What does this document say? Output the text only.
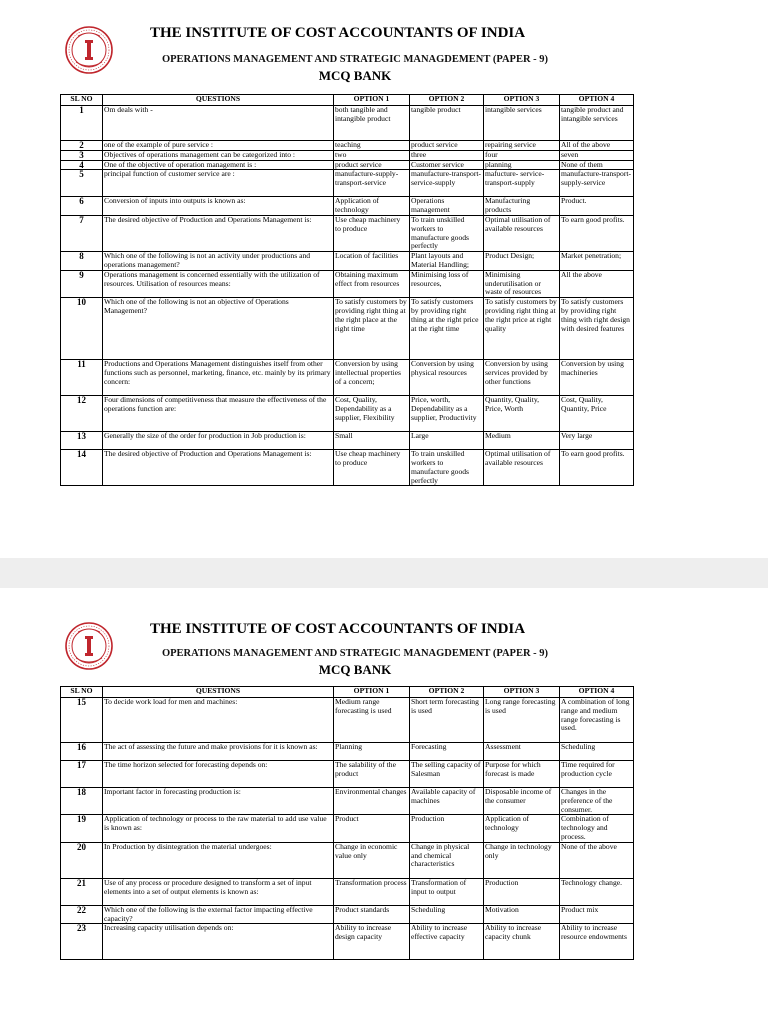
THE INSTITUTE OF COST ACCOUNTANTS OF INDIA
OPERATIONS MANAGEMENT AND STRATEGIC MANAGDEMENT (PAPER - 9)
MCQ BANK
SL NO	QUESTIONS	OPTION 1	OPTION 2	OPTION 3	OPTION 4
1	Om deals with -	both tangible and intangible product	tangible product	intangible services	tangible product and intangible services
2	one of the example of pure service :	teaching	product service	repairing service	All of the above
3	Objectives of operations management can be categorized into :	two	three	four	seven
4	One of the objective of operation management is :	product service	Customer service	planning	None of them
5	principal function of customer service are :	manufacture-supply-transport-service	manufacture-transport-service-supply	mafucture- service-transport-supply	manufacture-transport-supply-service
6	Conversion of inputs into outputs is known as:	Application of technology	Operations management	Manufacturing products	Product.
7	The desired objective of Production and Operations Management is:	Use cheap machinery to produce	To train unskilled workers to manufacture goods perfectly	Optimal utilisation of available resources	To earn good profits.
8	Which one of the following is not an activity under productions and operations management?	Location of facilities	Plant layouts and Material Handling;	Product Design;	Market penetration;
9	Operations management is concerned essentially with the utilization of resources. Utilisation of resources means:	Obtaining maximum effect from resources	Minimising loss of resources,	Minimising underutilisation or waste of resources	All the above
10	Which one of the following is not an objective of Operations Management?	To satisfy customers by providing right thing at the right place at the right time	To satisfy customers by providing right thing at the right price at the right time	To satisfy customers by providing right thing at the right price at right quality	To satisfy customers by providing right thing with right design with desired features
11	Productions and Operations Management distinguishes itself from other functions such as personnel, marketing, finance, etc. mainly by its primary concern:	Conversion by using intellectual properties of a concern;	Conversion by using physical resources	Conversion by using services provided by other functions	Conversion by using machineries
12	Four dimensions of competitiveness that measure the effectiveness of the operations function are:	Cost, Quality, Dependability as a supplier, Flexibility	Price, worth, Dependability as a supplier, Productivity	Quantity, Quality, Price, Worth	Cost, Quality, Quantity, Price
13	Generally the size of the order for production in Job production is:	Small	Large	Medium	Very large
14	The desired objective of Production and Operations Management is:	Use cheap machinery to produce	To train unskilled workers to manufacture goods perfectly	Optimal utilisation of available resources	To earn good profits.
THE INSTITUTE OF COST ACCOUNTANTS OF INDIA
OPERATIONS MANAGEMENT AND STRATEGIC MANAGDEMENT (PAPER - 9)
MCQ BANK
SL NO	QUESTIONS	OPTION 1	OPTION 2	OPTION 3	OPTION 4
15	To decide work load for men and machines:	Medium range forecasting is used	Short term forecasting is used	Long range forecasting is used	A combination of long range and medium range forecasting is used.
16	The act of assessing the future and make provisions for it is known as:	Planning	Forecasting	Assessment	Scheduling
17	The time horizon selected for forecasting depends on:	The salability of the product	The selling capacity of Salesman	Purpose for which forecast is made	Time required for production cycle
18	Important factor in forecasting production is:	Environmental changes	Available capacity of machines	Disposable income of the consumer	Changes in the preference of the consumer.
19	Application of technology or process to the raw material to add use value is known as:	Product	Production	Application of technology	Combination of technology and process.
20	In Production by disintegration the material undergoes:	Change in economic value only	Change in physical and chemical characteristics	Change in technology only	None of the above
21	Use of any process or procedure designed to transform a set of input elements into a set of output elements is known as:	Transformation process	Transformation of input to output	Production	Technology change.
22	Which one of the following is the external factor impacting effective capacity?	Product standards	Scheduling	Motivation	Product mix
23	Increasing capacity utilisation depends on:	Ability to increase design capacity	Ability to increase effective capacity	Ability to increase capacity chunk	Ability to increase resource endowments
